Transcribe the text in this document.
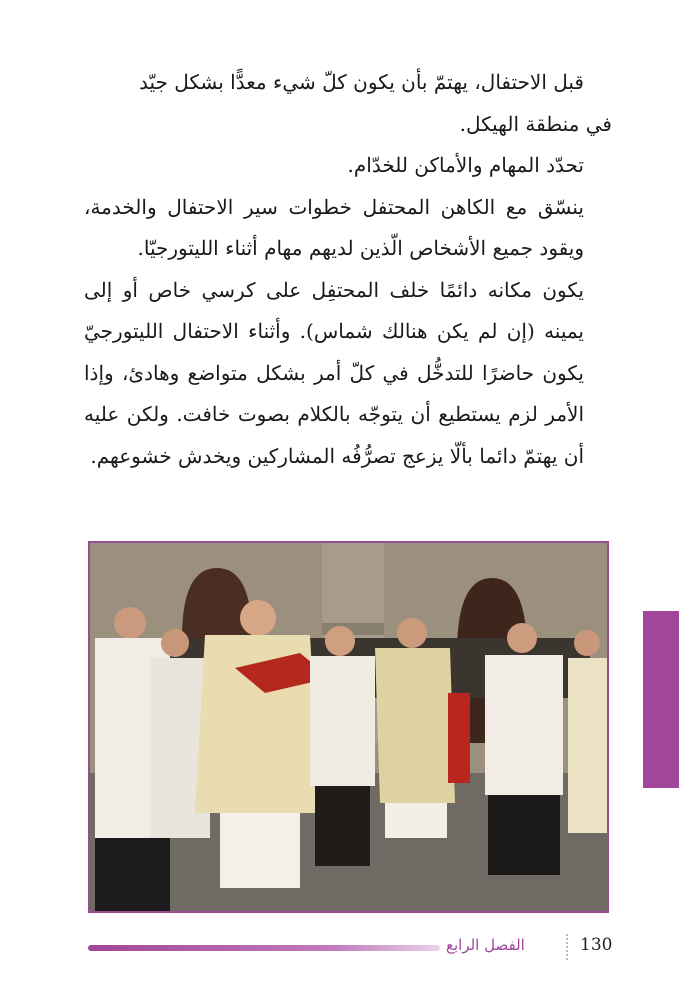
قبل الاحتفال، يهتمّ بأن يكون كلّ شيء معدًّا بشكل جيّد

في منطقة الهيكل.

تحدّد المهام والأماكن للخدّام.

ينسّق مع الكاهن المحتفل خطوات سير الاحتفال والخدمة، ويقود جميع الأشخاص الّذين لديهم مهام أثناء الليتورجيّا.

يكون مكانه دائمًا خلف المحتفِل على كرسي خاص أو إلى يمينه (إن لم يكن هنالك شماس). وأثناء الاحتفال الليتورجيّ يكون حاضرًا للتدخُّل في كلّ أمر بشكل متواضع وهادئ، وإذا الأمر لزم يستطيع أن يتوجّه بالكلام بصوت خافت. ولكن عليه أن يهتمّ دائما بألّا يزعج تصرُّفُه المشاركين ويخدش خشوعهم.

الفصل الرابع	130
